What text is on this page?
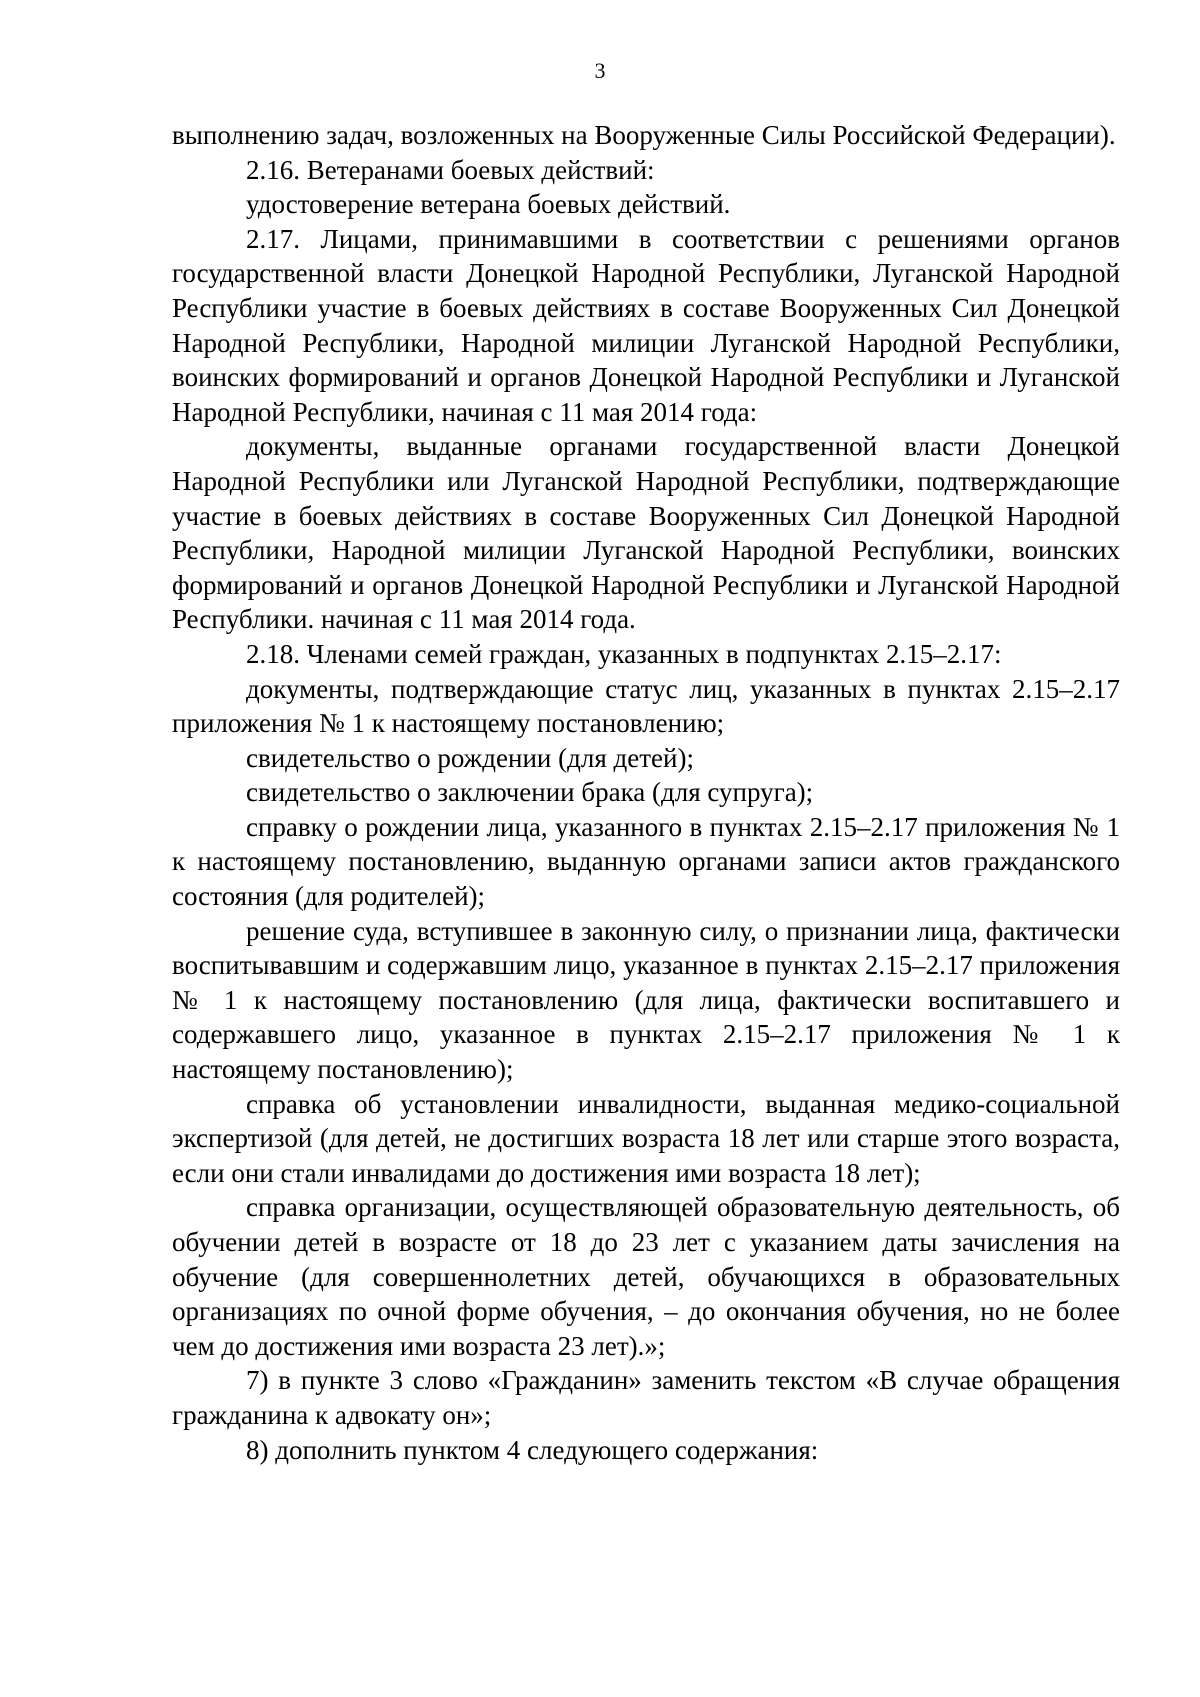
3

выполнению задач, возложенных на Вооруженные Силы Российской Федерации).

2.16. Ветеранами боевых действий:

удостоверение ветерана боевых действий.

2.17. Лицами, принимавшими в соответствии с решениями органов государственной власти Донецкой Народной Республики, Луганской Народной Республики участие в боевых действиях в составе Вооруженных Сил Донецкой Народной Республики, Народной милиции Луганской Народной Республики, воинских формирований и органов Донецкой Народной Республики и Луганской Народной Республики, начиная с 11 мая 2014 года:

документы, выданные органами государственной власти Донецкой Народной Республики или Луганской Народной Республики, подтверждающие участие в боевых действиях в составе Вооруженных Сил Донецкой Народной Республики, Народной милиции Луганской Народной Республики, воинских формирований и органов Донецкой Народной Республики и Луганской Народной Республики. начиная с 11 мая 2014 года.

2.18. Членами семей граждан, указанных в подпунктах 2.15–2.17:

документы, подтверждающие статус лиц, указанных в пунктах 2.15–2.17 приложения № 1 к настоящему постановлению;

свидетельство о рождении (для детей);

свидетельство о заключении брака (для супруга);

справку о рождении лица, указанного в пунктах 2.15–2.17 приложения № 1 к настоящему постановлению, выданную органами записи актов гражданского состояния (для родителей);

решение суда, вступившее в законную силу, о признании лица, фактически воспитывавшим и содержавшим лицо, указанное в пунктах 2.15–2.17 приложения № 1 к настоящему постановлению (для лица, фактически воспитавшего и содержавшего лицо, указанное в пунктах 2.15–2.17 приложения № 1 к настоящему постановлению);

справка об установлении инвалидности, выданная медико-социальной экспертизой (для детей, не достигших возраста 18 лет или старше этого возраста, если они стали инвалидами до достижения ими возраста 18 лет);

справка организации, осуществляющей образовательную деятельность, об обучении детей в возрасте от 18 до 23 лет с указанием даты зачисления на обучение (для совершеннолетних детей, обучающихся в образовательных организациях по очной форме обучения, – до окончания обучения, но не более чем до достижения ими возраста 23 лет).»;

7) в пункте 3 слово «Гражданин» заменить текстом «В случае обращения гражданина к адвокату он»;

8) дополнить пунктом 4 следующего содержания:
